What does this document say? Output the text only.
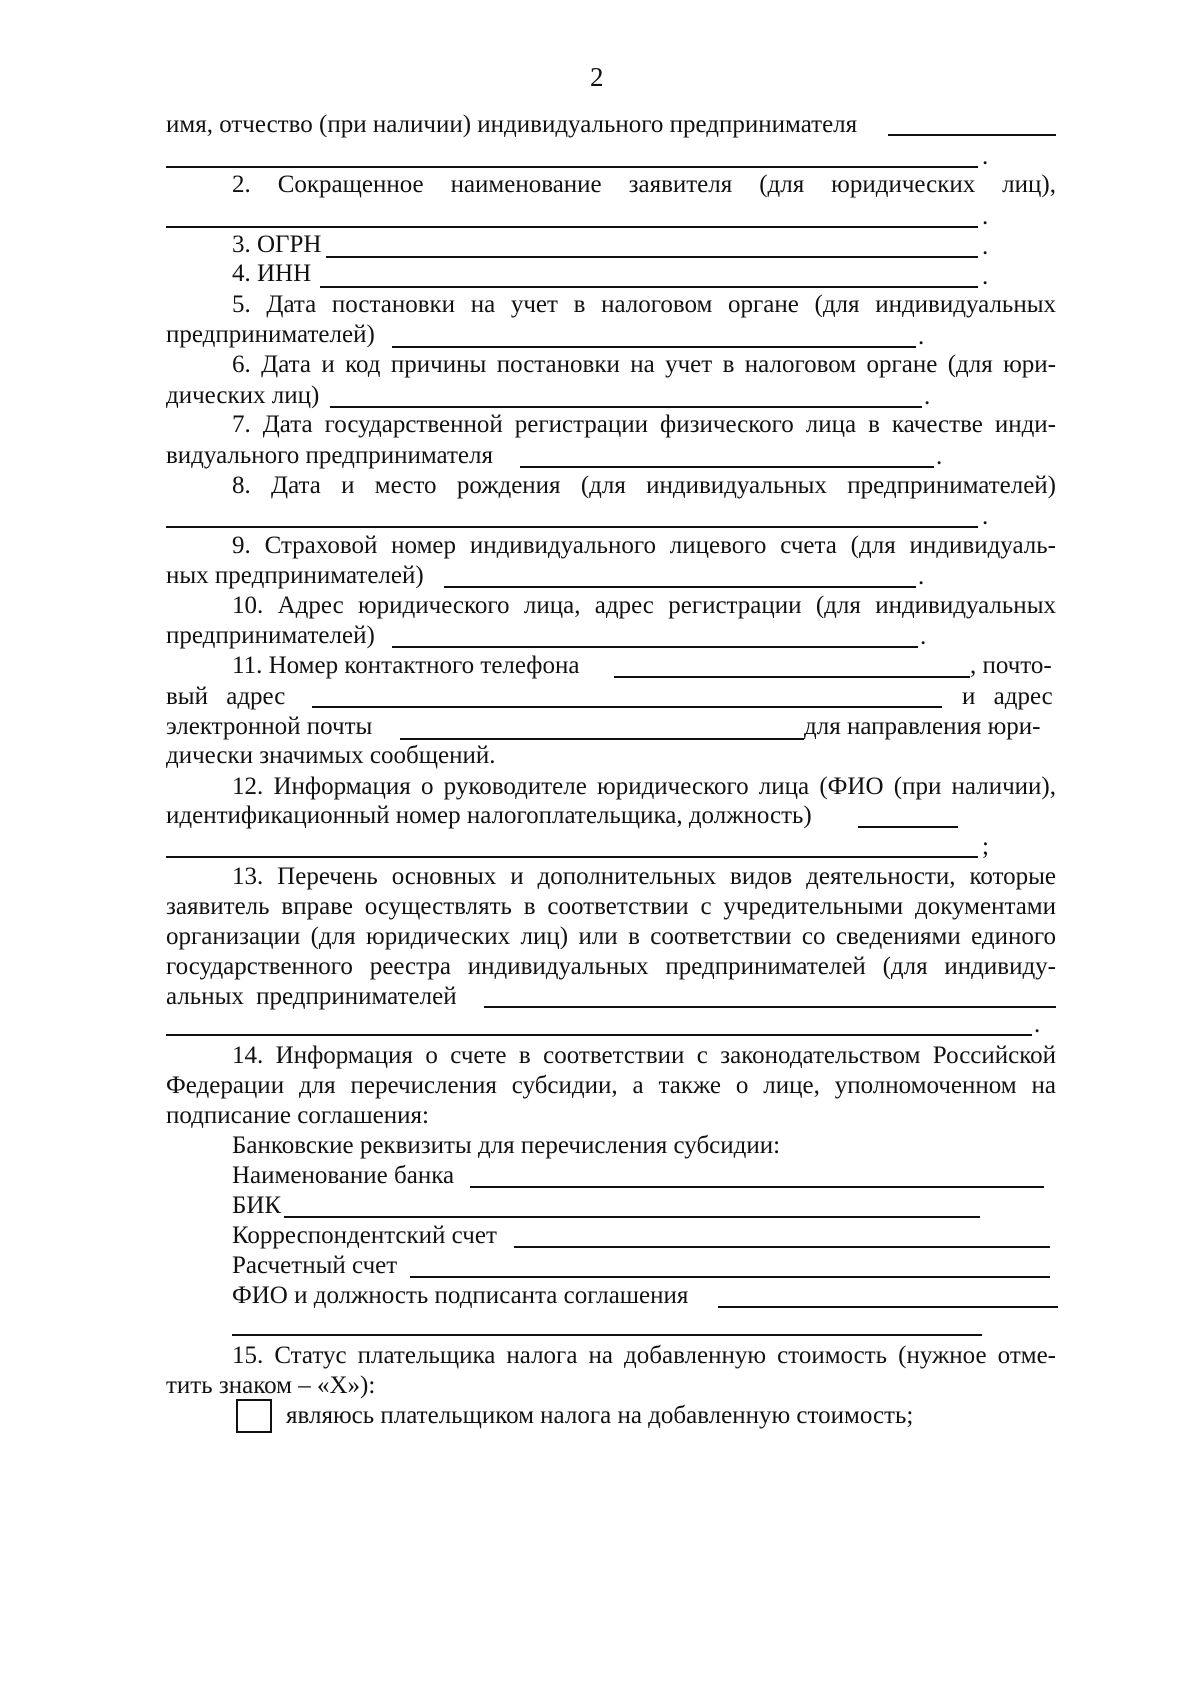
2
имя, отчество (при наличии) индивидуального предпринимателя
.
2. Сокращенное наименование заявителя (для юридических лиц),
.
3. ОГРН	.
4. ИНН	.
5. Дата постановки на учет в налоговом органе (для индивидуальных
предпринимателей)	.
6. Дата и код причины постановки на учет в налоговом органе (для юри-
дических лиц)	.
7. Дата государственной регистрации физического лица в качестве инди-
видуального предпринимателя	.
8. Дата и место рождения (для индивидуальных предпринимателей)
.
9. Страховой номер индивидуального лицевого счета (для индивидуаль-
ных предпринимателей)	.
10. Адрес юридического лица, адрес регистрации (для индивидуальных
предпринимателей)	.
11. Номер контактного телефона	, почто-
вый адрес	и адрес
электронной почты	для направления юри-
дически значимых сообщений.
12. Информация о руководителе юридического лица (ФИО (при наличии),
идентификационный номер налогоплательщика, должность)
;
13. Перечень основных и дополнительных видов деятельности, которые
заявитель вправе осуществлять в соответствии с учредительными документами
организации (для юридических лиц) или в соответствии со сведениями единого
государственного реестра индивидуальных предпринимателей (для индивиду-
альных предпринимателей
.
14. Информация о счете в соответствии с законодательством Российской
Федерации для перечисления субсидии, а также о лице, уполномоченном на
подписание соглашения:
Банковские реквизиты для перечисления субсидии:
Наименование банка
БИК
Корреспондентский счет
Расчетный счет
ФИО и должность подписанта соглашения
15. Статус плательщика налога на добавленную стоимость (нужное отме-
тить знаком – «Х»):
являюсь плательщиком налога на добавленную стоимость;
